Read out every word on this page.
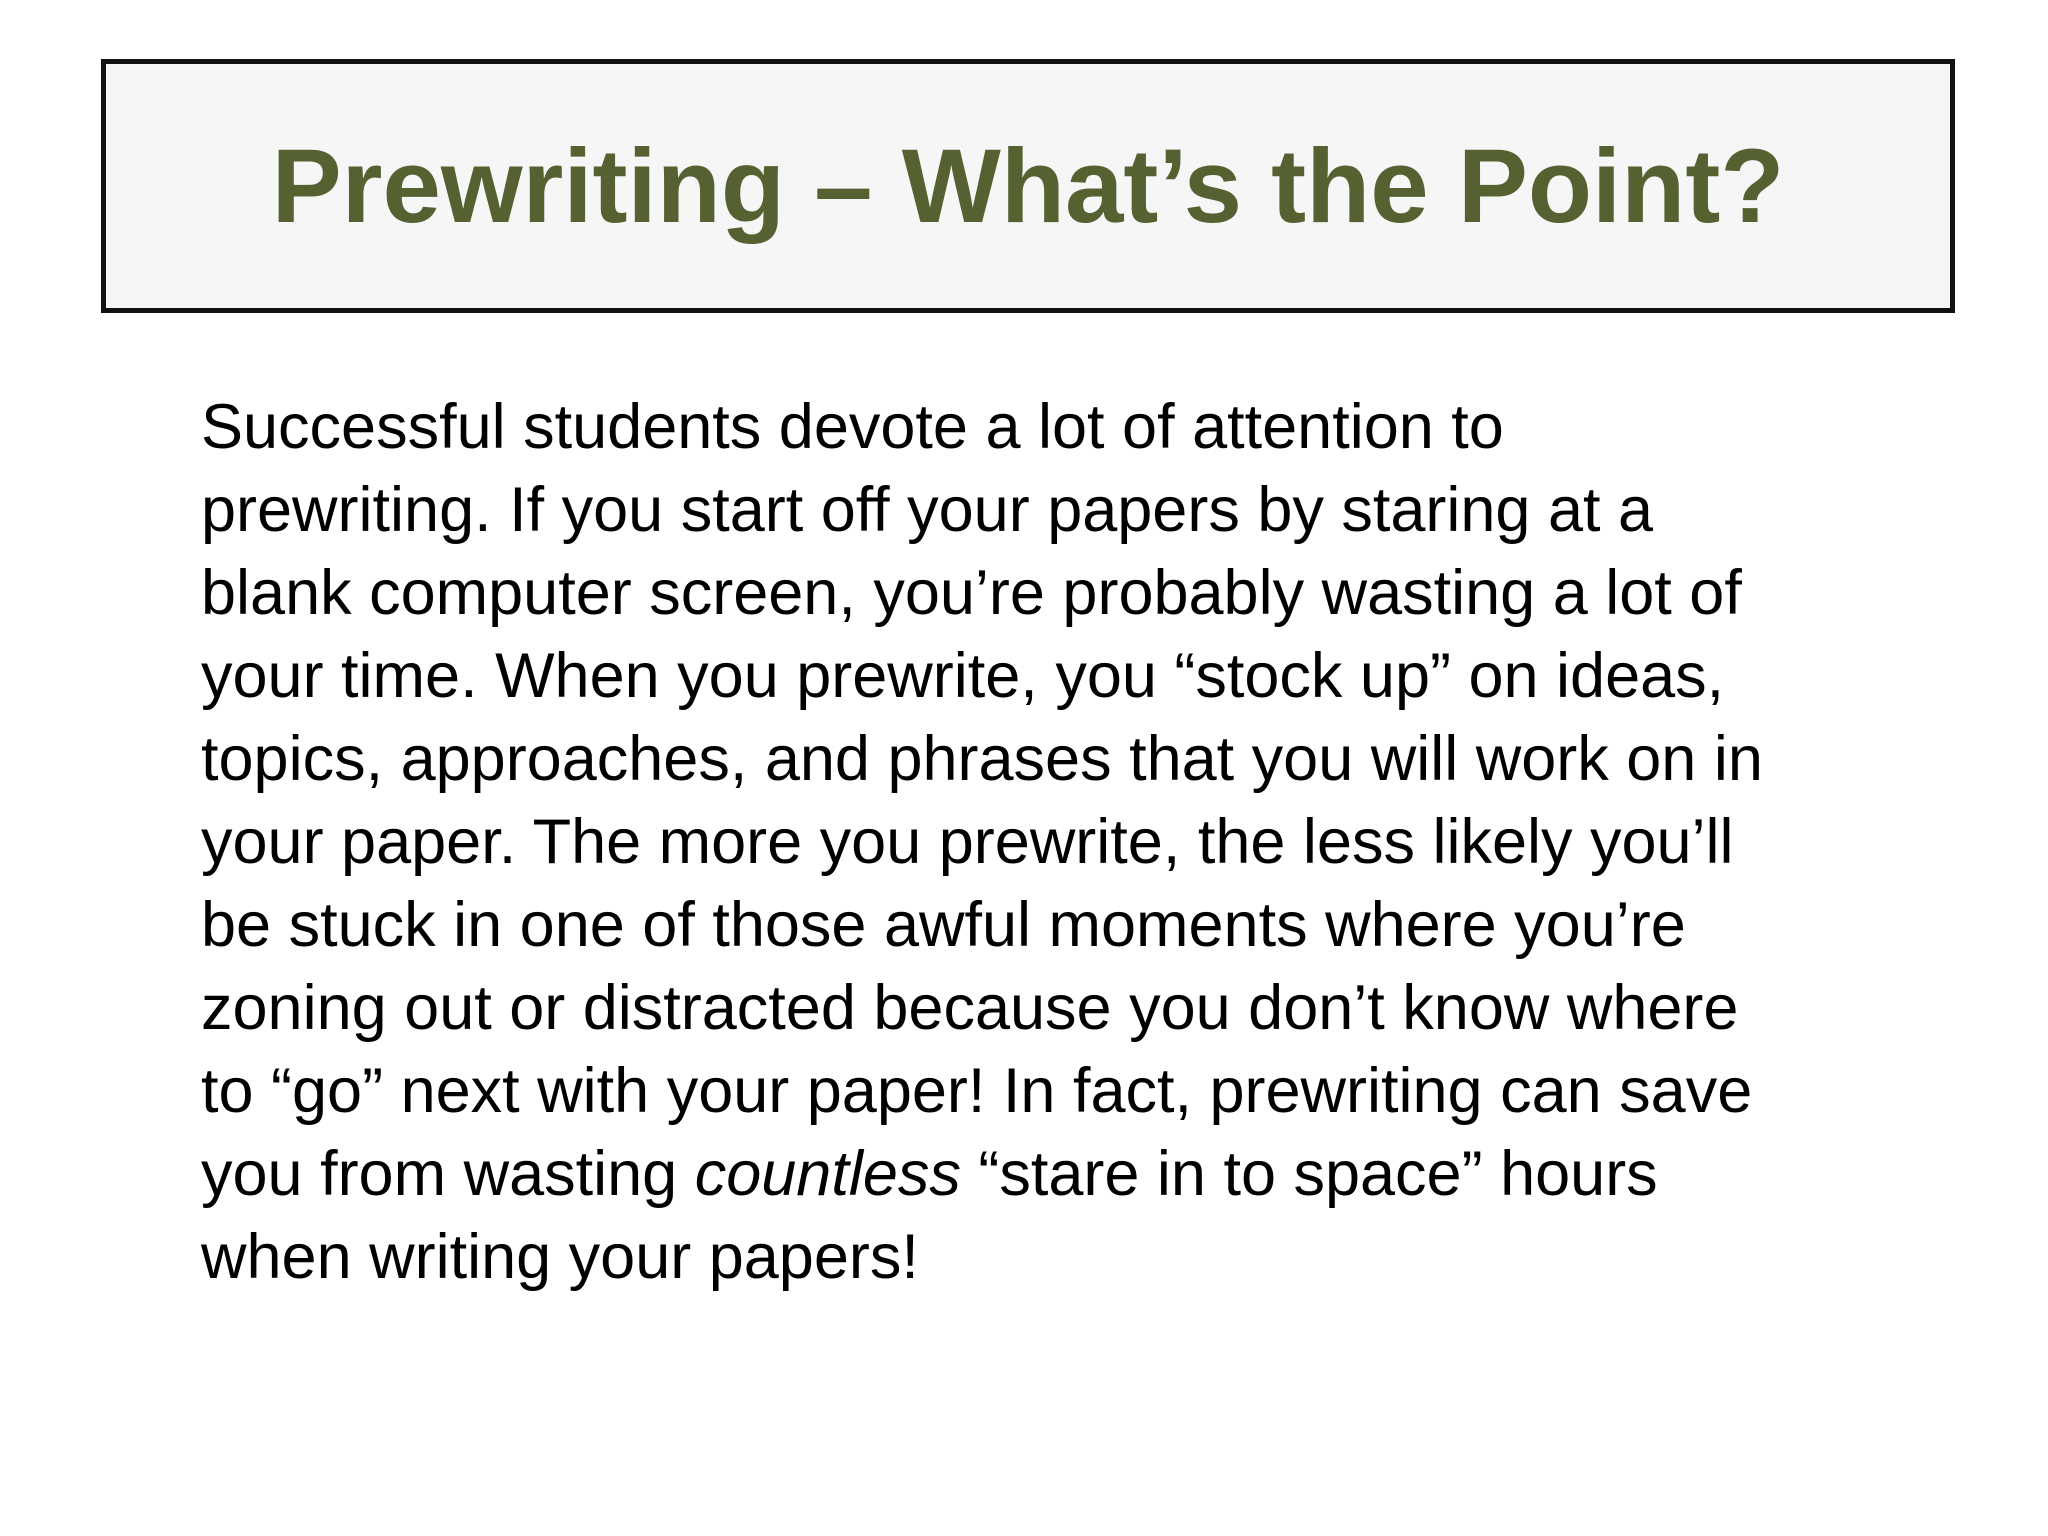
Prewriting – What’s the Point?

Successful students devote a lot of attention to
prewriting. If you start off your papers by staring at a
blank computer screen, you’re probably wasting a lot of
your time. When you prewrite, you “stock up” on ideas,
topics, approaches, and phrases that you will work on in
your paper. The more you prewrite, the less likely you’ll
be stuck in one of those awful moments where you’re
zoning out or distracted because you don’t know where
to “go” next with your paper! In fact, prewriting can save
you from wasting countless “stare in to space” hours
when writing your papers!
